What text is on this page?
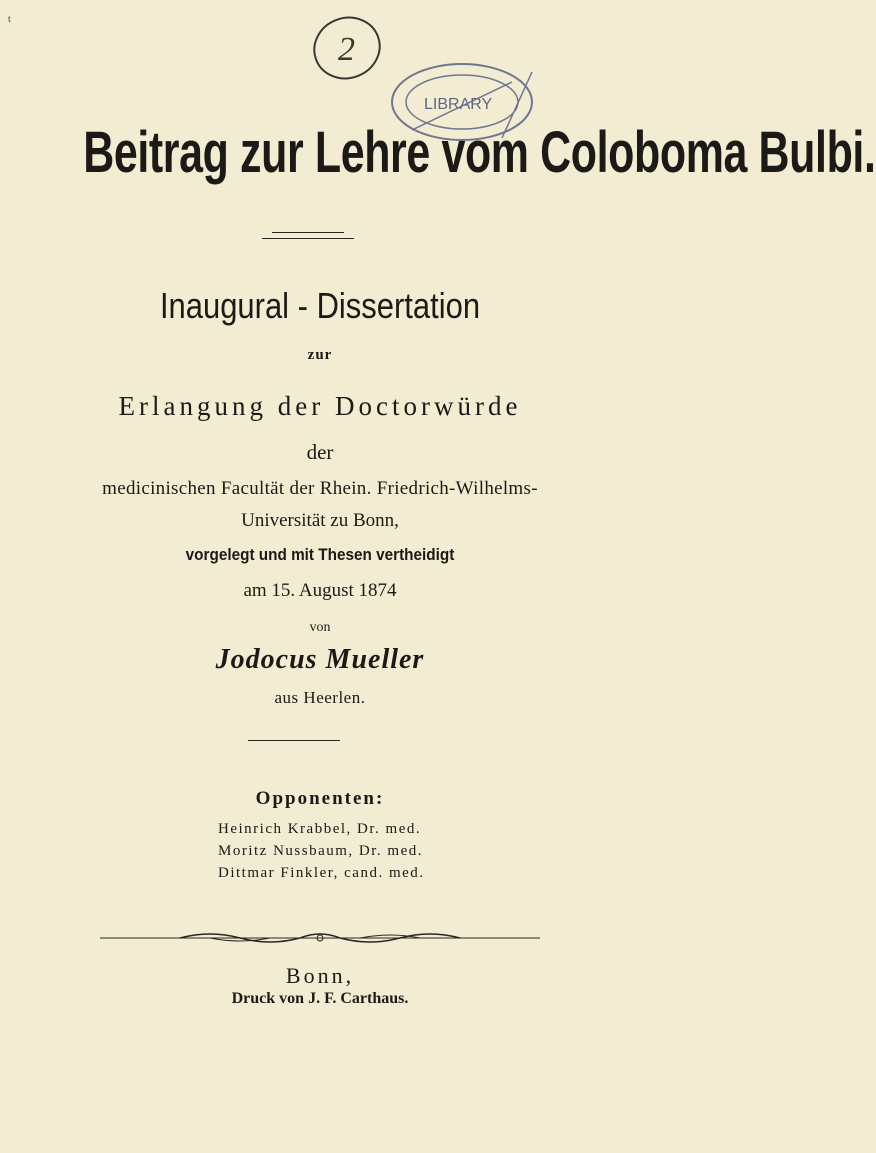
t
2
LIBRARY
Beitrag zur Lehre vom Coloboma Bulbi.
Inaugural - Dissertation
zur
Erlangung der Doctorwürde
der
medicinischen Facultät der Rhein. Friedrich-Wilhelms-
Universität zu Bonn,
vorgelegt und mit Thesen vertheidigt
am 15. August 1874
von
Jodocus Mueller
aus Heerlen.
Opponenten:
Heinrich Krabbel, Dr. med.
Moritz Nussbaum, Dr. med.
Dittmar Finkler, cand. med.
Bonn,
Druck von J. F. Carthaus.
